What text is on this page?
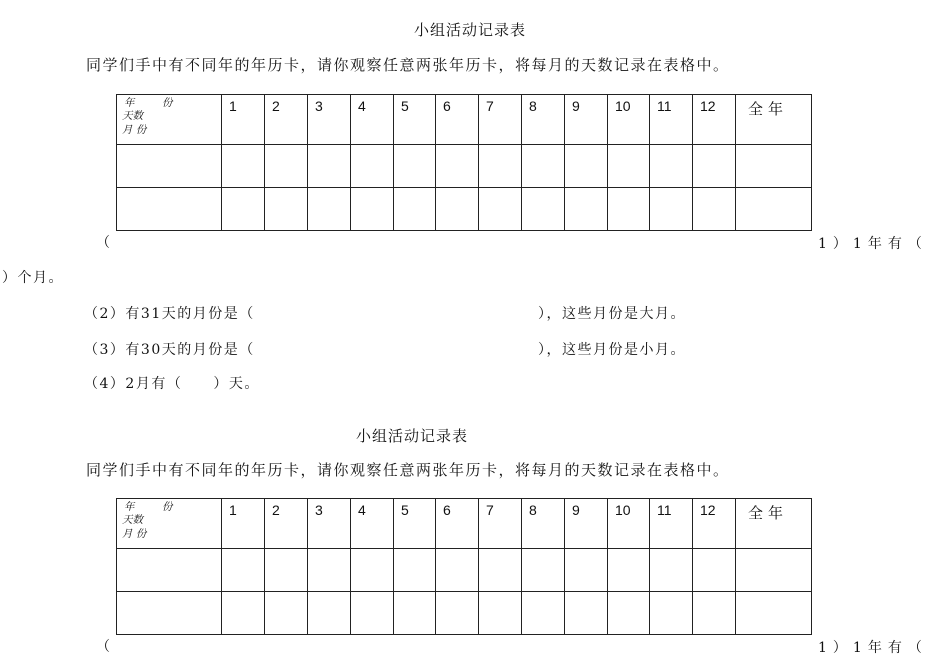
小组活动记录表
同学们手中有不同年的年历卡，请你观察任意两张年历卡，将每月的天数记录在表格中。
年 份
天数
月 份	1	2	3	4	5	6	7	8	9	10	11	12	全年

（	1）1年有（
）个月。
（2）有31天的月份是（	），这些月份是大月。
（3）有30天的月份是（	），这些月份是小月。
（4）2月有（　　）天。
小组活动记录表
同学们手中有不同年的年历卡，请你观察任意两张年历卡，将每月的天数记录在表格中。
年 份
天数
月 份	1	2	3	4	5	6	7	8	9	10	11	12	全年

（	1）1年有（
